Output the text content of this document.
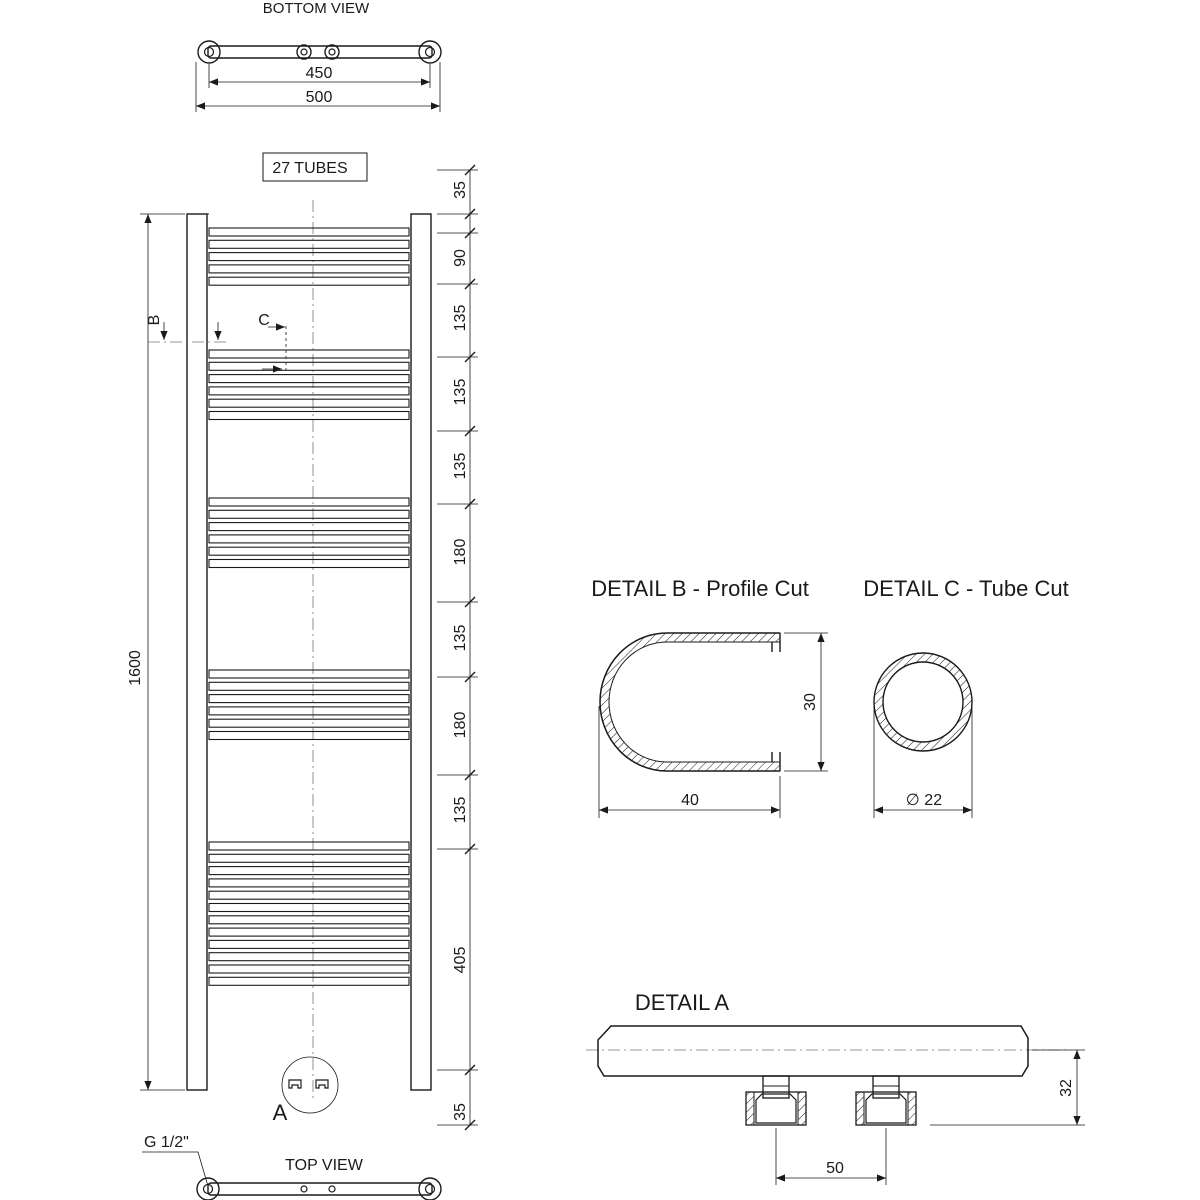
BOTTOM VIEW
450
500
27 TUBES
1600
B	C
A
35
90
135
135
135
180
135
180
135
405
35
G 1/2"
TOP VIEW
DETAIL B - Profile Cut
30
40
DETAIL C - Tube Cut
∅ 22
DETAIL A
32
50
